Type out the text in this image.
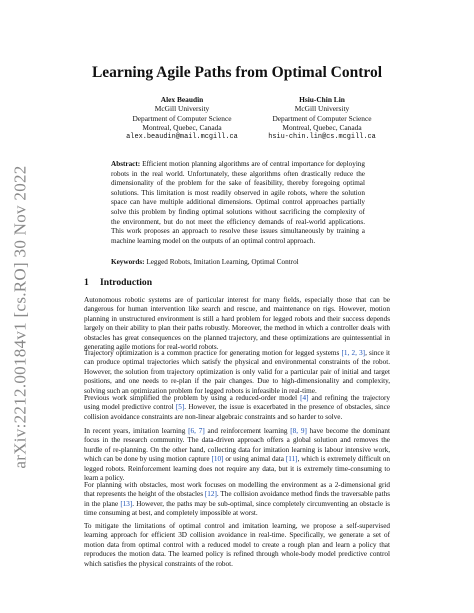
arXiv:2212.00184v1 [cs.RO] 30 Nov 2022
Learning Agile Paths from Optimal Control
Alex Beaudin
McGill University
Department of Computer Science
Montreal, Quebec, Canada
alex.beaudin@mail.mcgill.ca
Hsiu-Chin Lin
McGill University
Department of Computer Science
Montreal, Quebec, Canada
hsiu-chin.lin@cs.mcgill.ca

Abstract: Efficient motion planning algorithms are of central importance for deploying robots in the real world. Unfortunately, these algorithms often drastically reduce the dimensionality of the problem for the sake of feasibility, thereby foregoing optimal solutions. This limitation is most readily observed in agile robots, where the solution space can have multiple additional dimensions. Optimal control approaches partially solve this problem by finding optimal solutions without sacrificing the complexity of the environment, but do not meet the efficiency demands of real-world applications. This work proposes an approach to resolve these issues simultaneously by training a machine learning model on the outputs of an optimal control approach.

Keywords: Legged Robots, Imitation Learning, Optimal Control

1 Introduction

Autonomous robotic systems are of particular interest for many fields, especially those that can be dangerous for human intervention like search and rescue, and maintenance on rigs. However, motion planning in unstructured environment is still a hard problem for legged robots and their success depends largely on their ability to plan their paths robustly. Moreover, the method in which a controller deals with obstacles has great consequences on the planned trajectory, and these optimizations are quintessential in generating agile motions for real-world robots.

Trajectory optimization is a common practice for generating motion for legged systems [1, 2, 3], since it can produce optimal trajectories which satisfy the physical and environmental constraints of the robot. However, the solution from trajectory optimization is only valid for a particular pair of initial and target positions, and one needs to re-plan if the pair changes. Due to high-dimensionality and complexity, solving such an optimization problem for legged robots is infeasible in real-time.

Previous work simplified the problem by using a reduced-order model [4] and refining the trajectory using model predictive control [5]. However, the issue is exacerbated in the presence of obstacles, since collision avoidance constraints are non-linear algebraic constraints and so harder to solve.

In recent years, imitation learning [6, 7] and reinforcement learning [8, 9] have become the dominant focus in the research community. The data-driven approach offers a global solution and removes the hurdle of re-planning. On the other hand, collecting data for imitation learning is labour intensive work, which can be done by using motion capture [10] or using animal data [11], which is extremely difficult on legged robots. Reinforcement learning does not require any data, but it is extremely time-consuming to learn a policy.

For planning with obstacles, most work focuses on modelling the environment as a 2-dimensional grid that represents the height of the obstacles [12]. The collision avoidance method finds the traversable paths in the plane [13]. However, the paths may be sub-optimal, since completely circumventing an obstacle is time consuming at best, and completely impossible at worst.

To mitigate the limitations of optimal control and imitation learning, we propose a self-supervised learning approach for efficient 3D collision avoidance in real-time. Specifically, we generate a set of motion data from optimal control with a reduced model to create a rough plan and learn a policy that reproduces the motion data. The learned policy is refined through whole-body model predictive control which satisfies the physical constraints of the robot.
